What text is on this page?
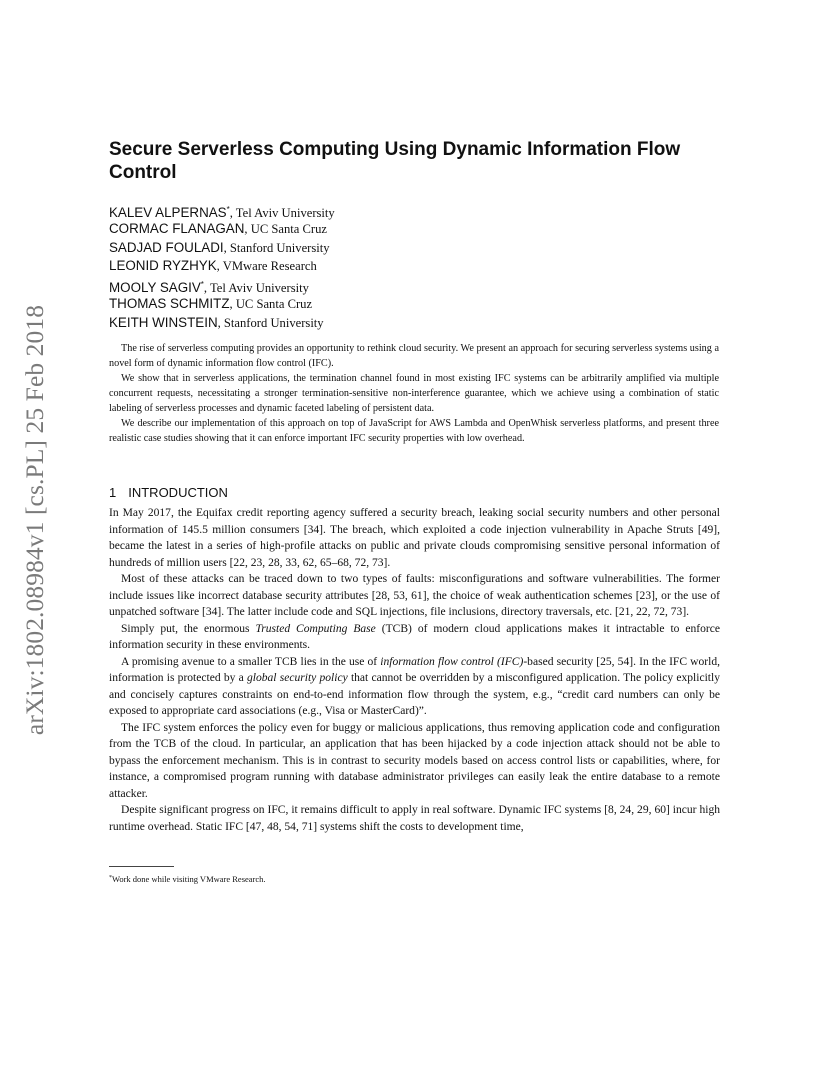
arXiv:1802.08984v1 [cs.PL] 25 Feb 2018
Secure Serverless Computing Using Dynamic Information Flow Control
KALEV ALPERNAS*, Tel Aviv University
CORMAC FLANAGAN, UC Santa Cruz
SADJAD FOULADI, Stanford University
LEONID RYZHYK, VMware Research
MOOLY SAGIV*, Tel Aviv University
THOMAS SCHMITZ, UC Santa Cruz
KEITH WINSTEIN, Stanford University

The rise of serverless computing provides an opportunity to rethink cloud security. We present an approach for securing serverless systems using a novel form of dynamic information flow control (IFC).

We show that in serverless applications, the termination channel found in most existing IFC systems can be arbitrarily amplified via multiple concurrent requests, necessitating a stronger termination-sensitive non-interference guarantee, which we achieve using a combination of static labeling of serverless processes and dynamic faceted labeling of persistent data.

We describe our implementation of this approach on top of JavaScript for AWS Lambda and OpenWhisk serverless platforms, and present three realistic case studies showing that it can enforce important IFC security properties with low overhead.

1 INTRODUCTION

In May 2017, the Equifax credit reporting agency suffered a security breach, leaking social security numbers and other personal information of 145.5 million consumers [34]. The breach, which exploited a code injection vulnerability in Apache Struts [49], became the latest in a series of high-profile attacks on public and private clouds compromising sensitive personal information of hundreds of million users [22, 23, 28, 33, 62, 65–68, 72, 73].

Most of these attacks can be traced down to two types of faults: misconfigurations and software vulnerabilities. The former include issues like incorrect database security attributes [28, 53, 61], the choice of weak authentication schemes [23], or the use of unpatched software [34]. The latter include code and SQL injections, file inclusions, directory traversals, etc. [21, 22, 72, 73].

Simply put, the enormous Trusted Computing Base (TCB) of modern cloud applications makes it intractable to enforce information security in these environments.

A promising avenue to a smaller TCB lies in the use of information flow control (IFC)-based security [25, 54]. In the IFC world, information is protected by a global security policy that cannot be overridden by a misconfigured application. The policy explicitly and concisely captures constraints on end-to-end information flow through the system, e.g., “credit card numbers can only be exposed to appropriate card associations (e.g., Visa or MasterCard)”.

The IFC system enforces the policy even for buggy or malicious applications, thus removing application code and configuration from the TCB of the cloud. In particular, an application that has been hijacked by a code injection attack should not be able to bypass the enforcement mechanism. This is in contrast to security models based on access control lists or capabilities, where, for instance, a compromised program running with database administrator privileges can easily leak the entire database to a remote attacker.

Despite significant progress on IFC, it remains difficult to apply in real software. Dynamic IFC systems [8, 24, 29, 60] incur high runtime overhead. Static IFC [47, 48, 54, 71] systems shift the costs to development time,

*Work done while visiting VMware Research.
